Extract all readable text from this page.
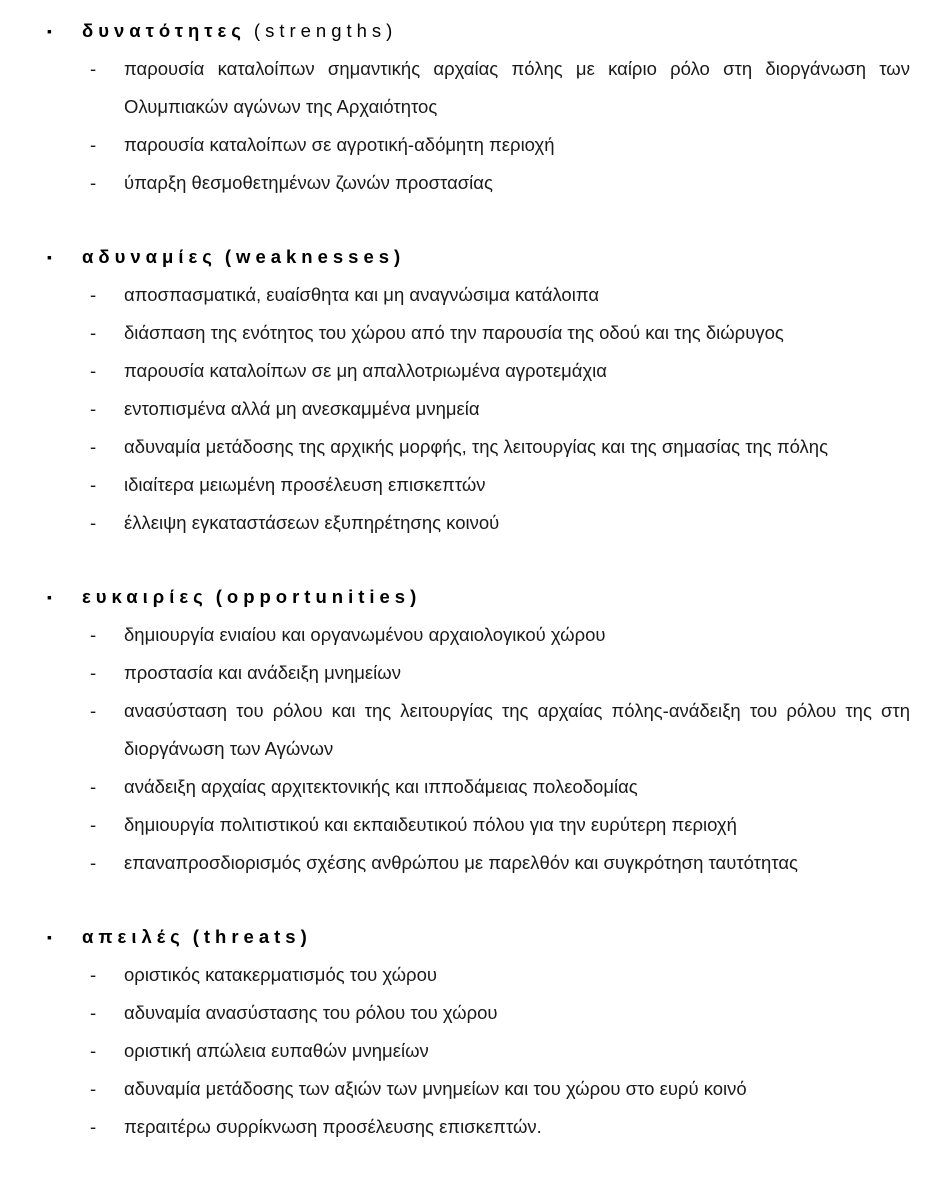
▪ δυνατότητες (strengths)
- παρουσία καταλοίπων σημαντικής αρχαίας πόλης με καίριο ρόλο στη διοργάνωση των Ολυμπιακών αγώνων της Αρχαιότητος
- παρουσία καταλοίπων σε αγροτική-αδόμητη περιοχή
- ύπαρξη θεσμοθετημένων ζωνών προστασίας
▪ αδυναμίες (weaknesses)
- αποσπασματικά, ευαίσθητα και μη αναγνώσιμα κατάλοιπα
- διάσπαση της ενότητος του χώρου από την παρουσία της οδού και της διώρυγος
- παρουσία καταλοίπων σε μη απαλλοτριωμένα αγροτεμάχια
- εντοπισμένα αλλά μη ανεσκαμμένα μνημεία
- αδυναμία μετάδοσης της αρχικής μορφής, της λειτουργίας και της σημασίας της πόλης
- ιδιαίτερα μειωμένη προσέλευση επισκεπτών
- έλλειψη εγκαταστάσεων εξυπηρέτησης κοινού
▪ ευκαιρίες (opportunities)
- δημιουργία ενιαίου και οργανωμένου αρχαιολογικού χώρου
- προστασία και ανάδειξη μνημείων
- ανασύσταση του ρόλου και της λειτουργίας της αρχαίας πόλης-ανάδειξη του ρόλου της στη διοργάνωση των Αγώνων
- ανάδειξη αρχαίας αρχιτεκτονικής και ιπποδάμειας πολεοδομίας
- δημιουργία πολιτιστικού και εκπαιδευτικού πόλου για την ευρύτερη περιοχή
- επαναπροσδιορισμός σχέσης ανθρώπου με παρελθόν και συγκρότηση ταυτότητας
▪ απειλές (threats)
- οριστικός κατακερματισμός του χώρου
- αδυναμία ανασύστασης του ρόλου του χώρου
- οριστική απώλεια ευπαθών μνημείων
- αδυναμία μετάδοσης των αξιών των μνημείων και του χώρου στο ευρύ κοινό
- περαιτέρω συρρίκνωση προσέλευσης επισκεπτών.
